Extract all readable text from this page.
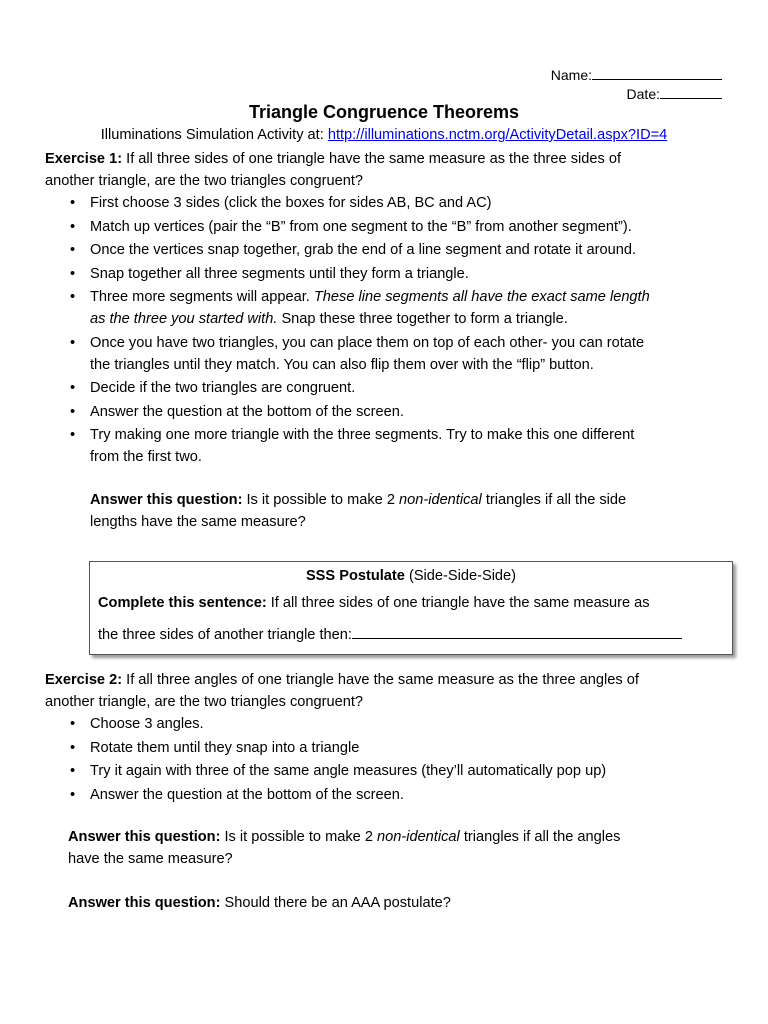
Name:
Date:
Triangle Congruence Theorems
Illuminations Simulation Activity at: http://illuminations.nctm.org/ActivityDetail.aspx?ID=4
Exercise 1: If all three sides of one triangle have the same measure as the three sides of
another triangle, are the two triangles congruent?
• First choose 3 sides (click the boxes for sides AB, BC and AC)
• Match up vertices (pair the “B” from one segment to the “B” from another segment”).
• Once the vertices snap together, grab the end of a line segment and rotate it around.
• Snap together all three segments until they form a triangle.
• Three more segments will appear. These line segments all have the exact same length
as the three you started with. Snap these three together to form a triangle.
• Once you have two triangles, you can place them on top of each other- you can rotate
the triangles until they match. You can also flip them over with the “flip” button.
• Decide if the two triangles are congruent.
• Answer the question at the bottom of the screen.
• Try making one more triangle with the three segments. Try to make this one different
from the first two.
Answer this question: Is it possible to make 2 non-identical triangles if all the side
lengths have the same measure?
SSS Postulate (Side-Side-Side)
Complete this sentence: If all three sides of one triangle have the same measure as
the three sides of another triangle then:
Exercise 2: If all three angles of one triangle have the same measure as the three angles of
another triangle, are the two triangles congruent?
• Choose 3 angles.
• Rotate them until they snap into a triangle
• Try it again with three of the same angle measures (they’ll automatically pop up)
• Answer the question at the bottom of the screen.
Answer this question: Is it possible to make 2 non-identical triangles if all the angles
have the same measure?
Answer this question: Should there be an AAA postulate?
